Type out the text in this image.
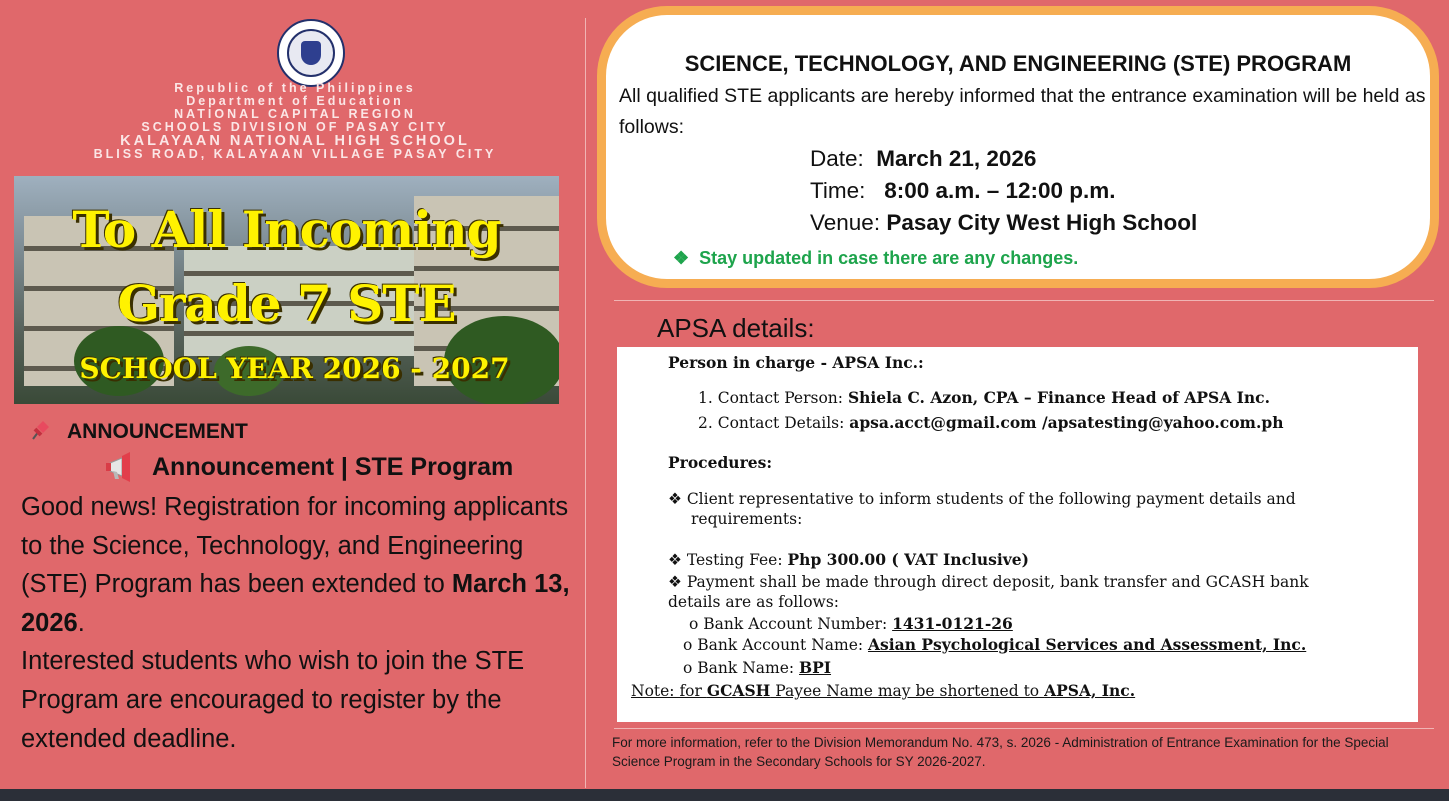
Republic of the Philippines
Department of Education
NATIONAL CAPITAL REGION
SCHOOLS DIVISION OF PASAY CITY
KALAYAAN NATIONAL HIGH SCHOOL
BLISS ROAD, KALAYAAN VILLAGE PASAY CITY
To All Incoming
Grade 7 STE
SCHOOL YEAR 2026 - 2027
ANNOUNCEMENT
Announcement | STE Program
Good news! Registration for incoming applicants to the Science, Technology, and Engineering (STE) Program has been extended to March 13, 2026.
Interested students who wish to join the STE Program are encouraged to register by the extended deadline.
SCIENCE, TECHNOLOGY, AND ENGINEERING (STE) PROGRAM
All qualified STE applicants are hereby informed that the entrance examination will be held as follows:
Date: March 21, 2026
Time: 8:00 a.m. – 12:00 p.m.
Venue: Pasay City West High School
❖ Stay updated in case there are any changes.
APSA details:
Person in charge - APSA Inc.:
1. Contact Person: Shiela C. Azon, CPA – Finance Head of APSA Inc.
2. Contact Details: apsa.acct@gmail.com /apsatesting@yahoo.com.ph
Procedures:
❖ Client representative to inform students of the following payment details and
requirements:
❖ Testing Fee: Php 300.00 ( VAT Inclusive)
❖ Payment shall be made through direct deposit, bank transfer and GCASH bank
details are as follows:
o Bank Account Number: 1431-0121-26
o Bank Account Name: Asian Psychological Services and Assessment, Inc.
o Bank Name: BPI
Note: for GCASH Payee Name may be shortened to APSA, Inc.
For more information, refer to the Division Memorandum No. 473, s. 2026 - Administration of Entrance Examination for the Special Science Program in the Secondary Schools for SY 2026-2027.
